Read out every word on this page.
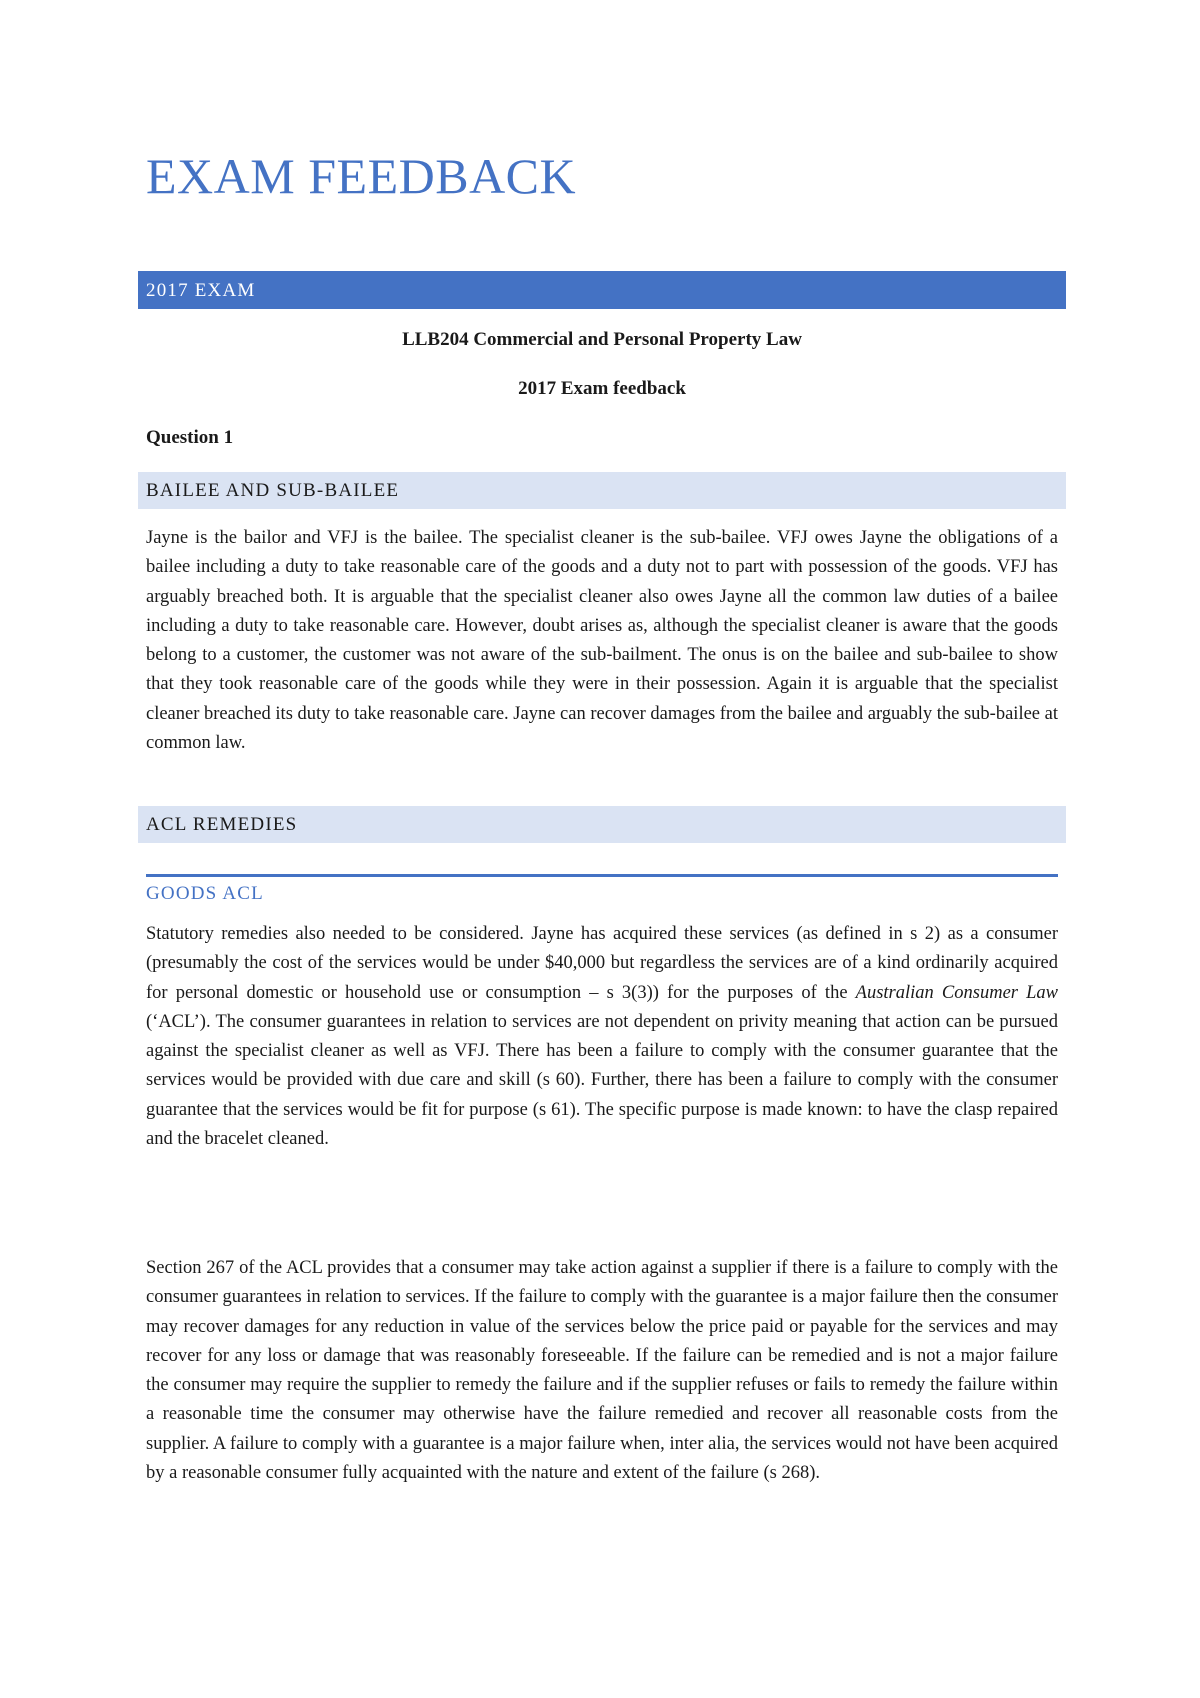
EXAM FEEDBACK
2017 EXAM

LLB204 Commercial and Personal Property Law

2017 Exam feedback

Question 1

BAILEE AND SUB-BAILEE

Jayne is the bailor and VFJ is the bailee. The specialist cleaner is the sub-bailee. VFJ owes Jayne the obligations of a bailee including a duty to take reasonable care of the goods and a duty not to part with possession of the goods. VFJ has arguably breached both. It is arguable that the specialist cleaner also owes Jayne all the common law duties of a bailee including a duty to take reasonable care. However, doubt arises as, although the specialist cleaner is aware that the goods belong to a customer, the customer was not aware of the sub-bailment. The onus is on the bailee and sub-bailee to show that they took reasonable care of the goods while they were in their possession. Again it is arguable that the specialist cleaner breached its duty to take reasonable care. Jayne can recover damages from the bailee and arguably the sub-bailee at common law.

ACL REMEDIES

GOODS ACL

Statutory remedies also needed to be considered. Jayne has acquired these services (as defined in s 2) as a consumer (presumably the cost of the services would be under $40,000 but regardless the services are of a kind ordinarily acquired for personal domestic or household use or consumption – s 3(3)) for the purposes of the Australian Consumer Law (‘ACL’). The consumer guarantees in relation to services are not dependent on privity meaning that action can be pursued against the specialist cleaner as well as VFJ. There has been a failure to comply with the consumer guarantee that the services would be provided with due care and skill (s 60). Further, there has been a failure to comply with the consumer guarantee that the services would be fit for purpose (s 61). The specific purpose is made known: to have the clasp repaired and the bracelet cleaned.

Section 267 of the ACL provides that a consumer may take action against a supplier if there is a failure to comply with the consumer guarantees in relation to services. If the failure to comply with the guarantee is a major failure then the consumer may recover damages for any reduction in value of the services below the price paid or payable for the services and may recover for any loss or damage that was reasonably foreseeable. If the failure can be remedied and is not a major failure the consumer may require the supplier to remedy the failure and if the supplier refuses or fails to remedy the failure within a reasonable time the consumer may otherwise have the failure remedied and recover all reasonable costs from the supplier. A failure to comply with a guarantee is a major failure when, inter alia, the services would not have been acquired by a reasonable consumer fully acquainted with the nature and extent of the failure (s 268).
